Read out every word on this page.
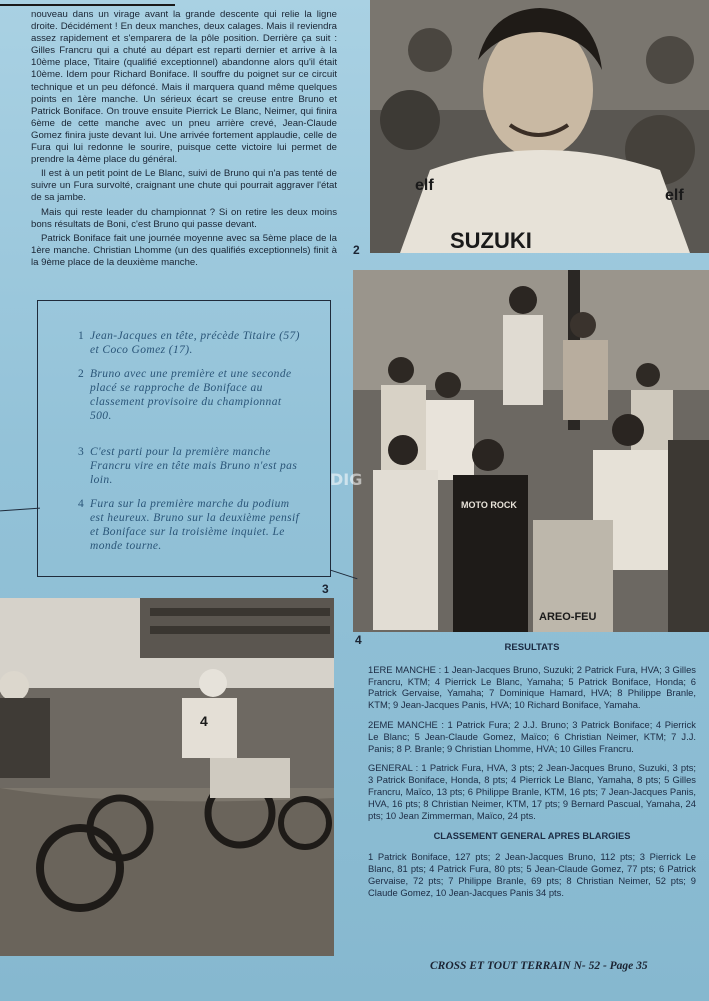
nouveau dans un virage avant la grande descente qui relie la ligne droite. Décidément ! En deux manches, deux calages. Mais il reviendra assez rapidement et s'emparera de la pôle position. Derrière ça suit : Gilles Francru qui a chuté au départ est reparti dernier et arrive à la 10ème place, Titaire (qualifié exceptionnel) abandonne alors qu'il était 10ème. Idem pour Richard Boniface. Il souffre du poignet sur ce circuit technique et un peu défoncé. Mais il marquera quand même quelques points en 1ère manche. Un sérieux écart se creuse entre Bruno et Patrick Boniface. On trouve ensuite Pierrick Le Blanc, Neimer, qui finira 6ème de cette manche avec un pneu arrière crevé, Jean-Claude Gomez finira juste devant lui. Une arrivée fortement applaudie, celle de Fura qui lui redonne le sourire, puisque cette victoire lui permet de prendre la 4ème place du général.

Il est à un petit point de Le Blanc, suivi de Bruno qui n'a pas tenté de suivre un Fura survolté, craignant une chute qui pourrait aggraver l'état de sa jambe.

Mais qui reste leader du championnat ? Si on retire les deux moins bons résultats de Boni, c'est Bruno qui passe devant.

Patrick Boniface fait une journée moyenne avec sa 5ème place de la 1ère manche. Christian Lhomme (un des qualifiés exceptionnels) finit à la 9ème place de la deuxième manche.

elf
elf
SUZUKI
2
MOTO ROCK
AREO-FEU
4
1 Jean-Jacques en tête, précède Titaire (57) et Coco Gomez (17).
2 Bruno avec une première et une seconde placé se rapproche de Boniface au classement provisoire du championnat 500.
3 C'est parti pour la première manche Francru vire en tête mais Bruno n'est pas loin.
4 Fura sur la première marche du podium est heureux. Bruno sur la deuxième pensif et Boniface sur la troisième inquiet. Le monde tourne.
3
4
DIG
RESULTATS

1ERE MANCHE : 1 Jean-Jacques Bruno, Suzuki; 2 Patrick Fura, HVA; 3 Gilles Francru, KTM; 4 Pierrick Le Blanc, Yamaha; 5 Patrick Boniface, Honda; 6 Patrick Gervaise, Yamaha; 7 Dominique Hamard, HVA; 8 Philippe Branle, KTM; 9 Jean-Jacques Panis, HVA; 10 Richard Boniface, Yamaha.

2EME MANCHE : 1 Patrick Fura; 2 J.J. Bruno; 3 Patrick Boniface; 4 Pierrick Le Blanc; 5 Jean-Claude Gomez, Maïco; 6 Christian Neimer, KTM; 7 J.J. Panis; 8 P. Branle; 9 Christian Lhomme, HVA; 10 Gilles Francru.

GENERAL : 1 Patrick Fura, HVA, 3 pts; 2 Jean-Jacques Bruno, Suzuki, 3 pts; 3 Patrick Boniface, Honda, 8 pts; 4 Pierrick Le Blanc, Yamaha, 8 pts; 5 Gilles Francru, Maïco, 13 pts; 6 Philippe Branle, KTM, 16 pts; 7 Jean-Jacques Panis, HVA, 16 pts; 8 Christian Neimer, KTM, 17 pts; 9 Bernard Pascual, Yamaha, 24 pts; 10 Jean Zimmerman, Maïco, 24 pts.

CLASSEMENT GENERAL APRES BLARGIES

1 Patrick Boniface, 127 pts; 2 Jean-Jacques Bruno, 112 pts; 3 Pierrick Le Blanc, 81 pts; 4 Patrick Fura, 80 pts; 5 Jean-Claude Gomez, 77 pts; 6 Patrick Gervaise, 72 pts; 7 Philippe Branle, 69 pts; 8 Christian Neimer, 52 pts; 9 Claude Gomez, 10 Jean-Jacques Panis 34 pts.

CROSS ET TOUT TERRAIN N- 52 - Page 35
